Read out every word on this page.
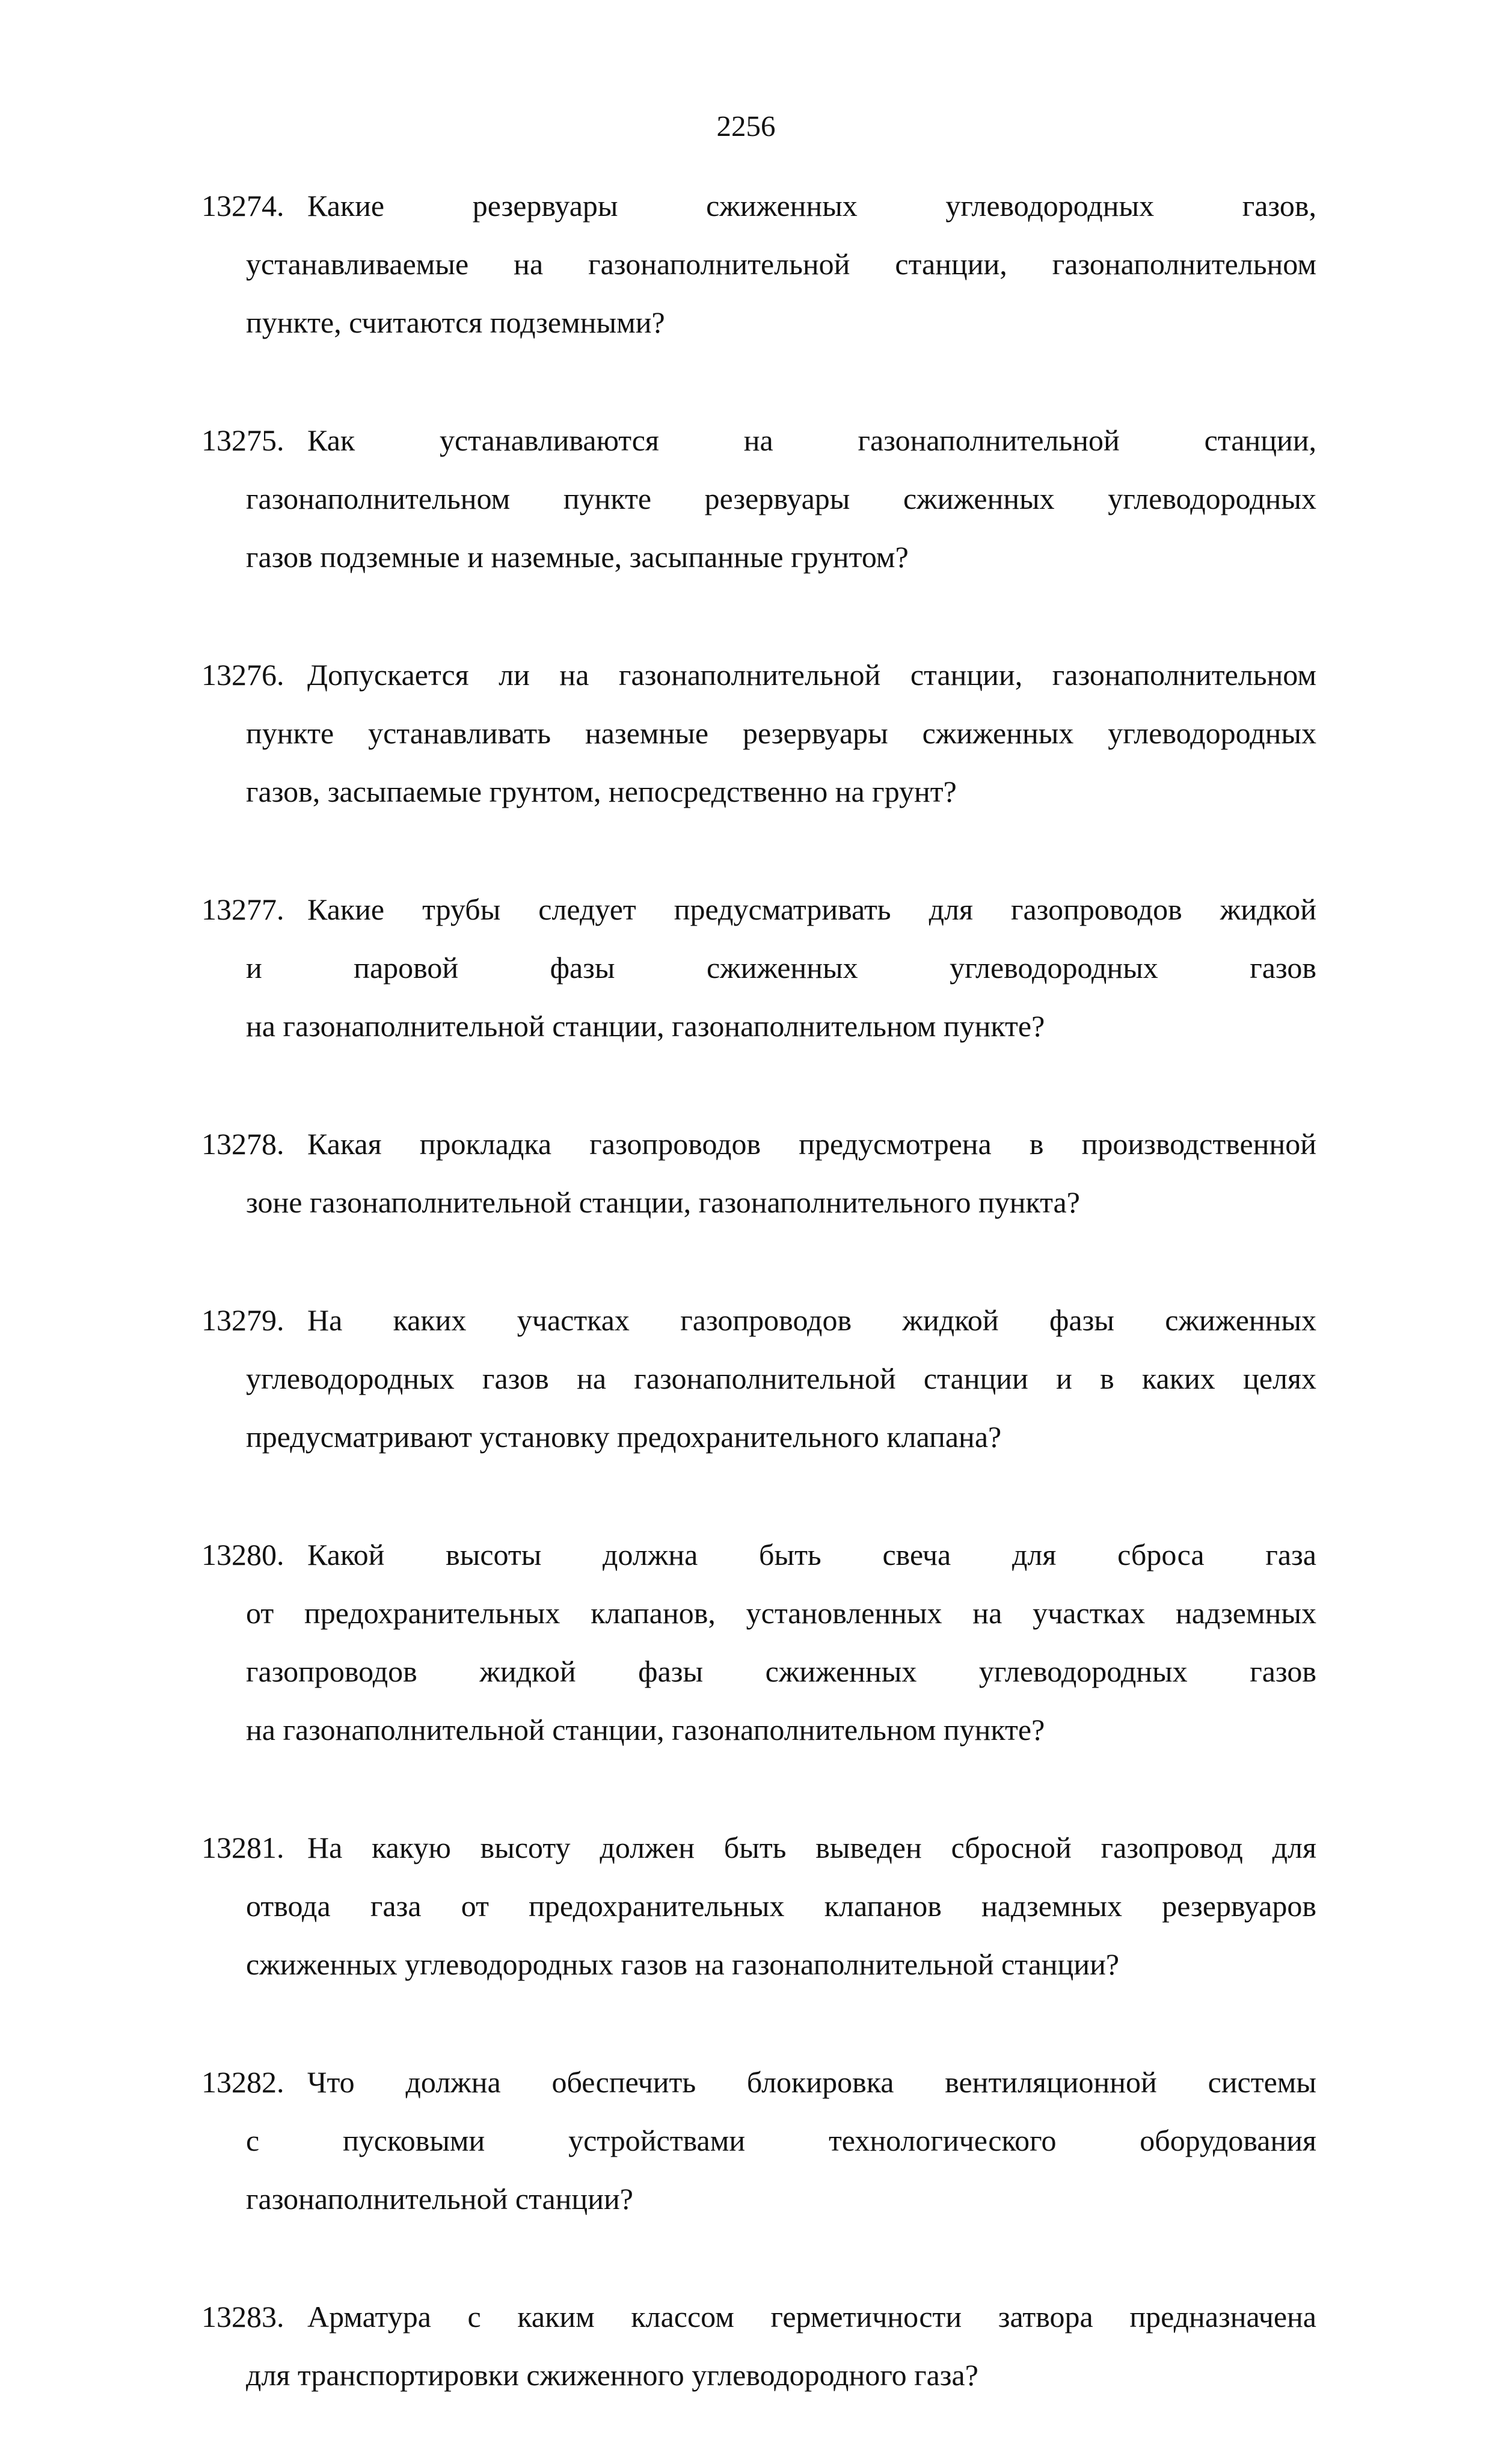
2256

13274. Какие резервуары сжиженных углеводородных газов,
устанавливаемые на газонаполнительной станции, газонаполнительном
пункте, считаются подземными?
13275. Как устанавливаются на газонаполнительной станции,
газонаполнительном пункте резервуары сжиженных углеводородных
газов подземные и наземные, засыпанные грунтом?
13276. Допускается ли на газонаполнительной станции, газонаполнительном
пункте устанавливать наземные резервуары сжиженных углеводородных
газов, засыпаемые грунтом, непосредственно на грунт?
13277. Какие трубы следует предусматривать для газопроводов жидкой
и паровой фазы сжиженных углеводородных газов
на газонаполнительной станции, газонаполнительном пункте?
13278. Какая прокладка газопроводов предусмотрена в производственной
зоне газонаполнительной станции, газонаполнительного пункта?
13279. На каких участках газопроводов жидкой фазы сжиженных
углеводородных газов на газонаполнительной станции и в каких целях
предусматривают установку предохранительного клапана?
13280. Какой высоты должна быть свеча для сброса газа
от предохранительных клапанов, установленных на участках надземных
газопроводов жидкой фазы сжиженных углеводородных газов
на газонаполнительной станции, газонаполнительном пункте?
13281. На какую высоту должен быть выведен сбросной газопровод для
отвода газа от предохранительных клапанов надземных резервуаров
сжиженных углеводородных газов на газонаполнительной станции?
13282. Что должна обеспечить блокировка вентиляционной системы
с пусковыми устройствами технологического оборудования
газонаполнительной станции?
13283. Арматура с каким классом герметичности затвора предназначена
для транспортировки сжиженного углеводородного газа?
